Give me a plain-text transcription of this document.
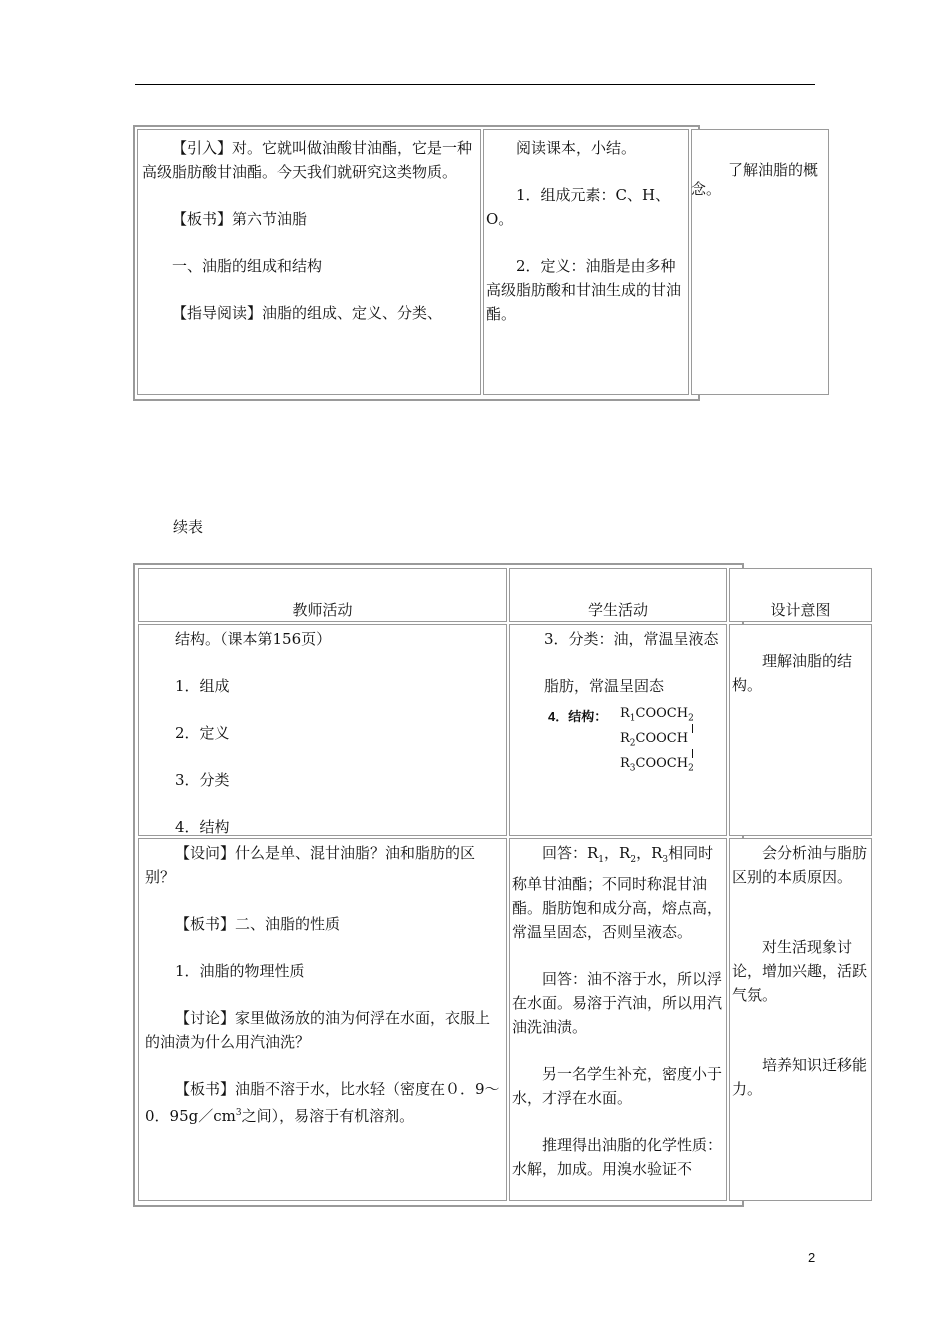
【引入】对。它就叫做油酸甘油酯，它是一种高级脂肪酸甘油酯。今天我们就研究这类物质。

【板书】第六节油脂

一、油脂的组成和结构

【指导阅读】油脂的组成、定义、分类、

阅读课本，小结。

1．组成元素：C、H、O。

2．定义：油脂是由多种高级脂肪酸和甘油生成的甘油酯。

了解油脂的概

念。
续表
教师活动	学生活动	设计意图

结构。（课本第156页）

1．组成

2．定义

3．分类

4．结构

3．分类：油，常温呈液态

脂肪，常温呈固态

4．结构： $R_1COOCH_2$
$R_2COOCH$
$R_3COOCH_2$

理解油脂的结构。

【设问】什么是单、混甘油脂？油和脂肪的区别？

【板书】二、油脂的性质

1．油脂的物理性质

【讨论】家里做汤放的油为何浮在水面，衣服上的油渍为什么用汽油洗？

【板书】油脂不溶于水，比水轻（密度在０．9～0．$95g/cm^3$之间），易溶于有机溶剂。

回答：$R_1$，$R_2$，$R_3$相同时称单甘油酯；不同时称混甘油酯。脂肪饱和成分高，熔点高，常温呈固态，否则呈液态。

回答：油不溶于水，所以浮在水面。易溶于汽油，所以用汽油洗油渍。

另一名学生补充，密度小于水，才浮在水面。

推理得出油脂的化学性质：水解，加成。用溴水验证不

会分析油与脂肪区别的本质原因。

对生活现象讨论，增加兴趣，活跃气氛。

培养知识迁移能力。

2
